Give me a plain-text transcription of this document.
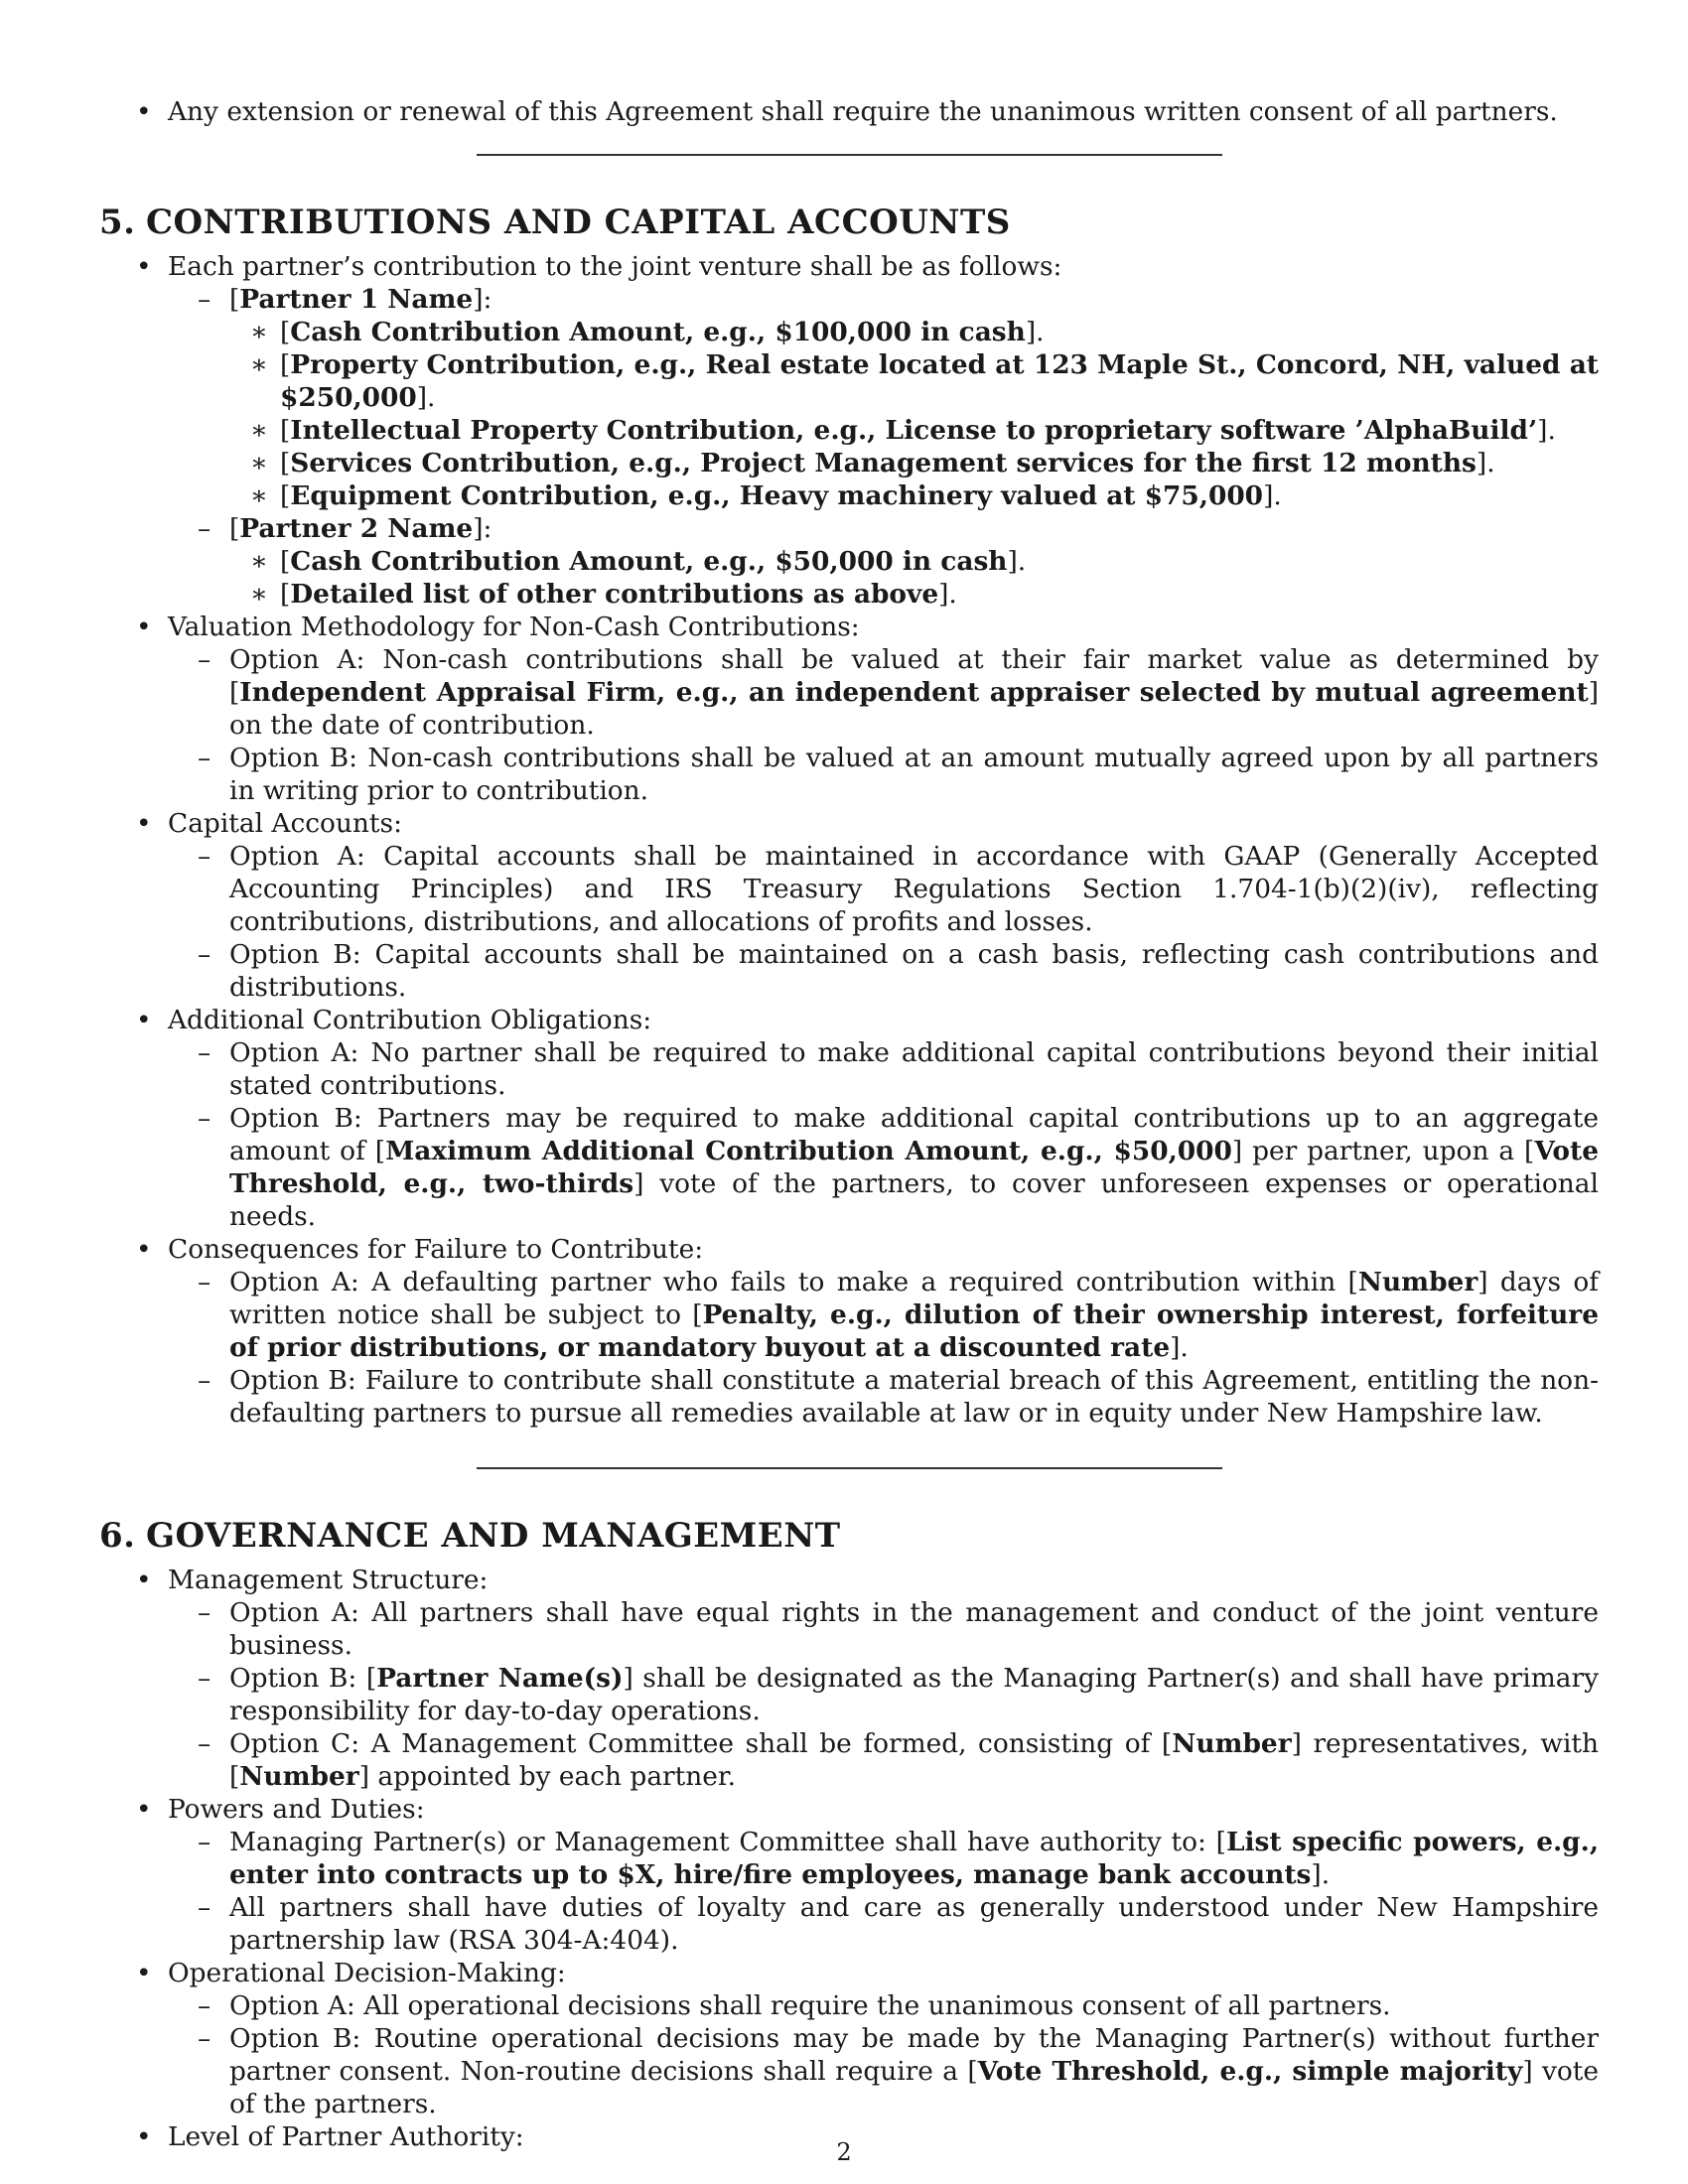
• Any extension or renewal of this Agreement shall require the unanimous written consent of all partners.
5. CONTRIBUTIONS AND CAPITAL ACCOUNTS
• Each partner’s contribution to the joint venture shall be as follows:
– [Partner 1 Name]:
∗ [Cash Contribution Amount, e.g., $100,000 in cash].
∗ [Property Contribution, e.g., Real estate located at 123 Maple St., Concord, NH, valued at $250,000].
∗ [Intellectual Property Contribution, e.g., License to proprietary software ’AlphaBuild’].
∗ [Services Contribution, e.g., Project Management services for the first 12 months].
∗ [Equipment Contribution, e.g., Heavy machinery valued at $75,000].
– [Partner 2 Name]:
∗ [Cash Contribution Amount, e.g., $50,000 in cash].
∗ [Detailed list of other contributions as above].
• Valuation Methodology for Non-Cash Contributions:
– Option A: Non-cash contributions shall be valued at their fair market value as determined by [Independent Appraisal Firm, e.g., an independent appraiser selected by mutual agreement] on the date of contribution.
– Option B: Non-cash contributions shall be valued at an amount mutually agreed upon by all partners in writing prior to contribution.
• Capital Accounts:
– Option A: Capital accounts shall be maintained in accordance with GAAP (Generally Accepted Accounting Principles) and IRS Treasury Regulations Section 1.704-1(b)(2)(iv), reflecting contributions, distributions, and allocations of profits and losses.
– Option B: Capital accounts shall be maintained on a cash basis, reflecting cash contributions and distributions.
• Additional Contribution Obligations:
– Option A: No partner shall be required to make additional capital contributions beyond their initial stated contributions.
– Option B: Partners may be required to make additional capital contributions up to an aggregate amount of [Maximum Additional Contribution Amount, e.g., $50,000] per partner, upon a [Vote Threshold, e.g., two-thirds] vote of the partners, to cover unforeseen expenses or operational needs.
• Consequences for Failure to Contribute:
– Option A: A defaulting partner who fails to make a required contribution within [Number] days of written notice shall be subject to [Penalty, e.g., dilution of their ownership interest, forfeiture of prior distributions, or mandatory buyout at a discounted rate].
– Option B: Failure to contribute shall constitute a material breach of this Agreement, entitling the non-defaulting partners to pursue all remedies available at law or in equity under New Hampshire law.
6. GOVERNANCE AND MANAGEMENT
• Management Structure:
– Option A: All partners shall have equal rights in the management and conduct of the joint venture business.
– Option B: [Partner Name(s)] shall be designated as the Managing Partner(s) and shall have primary responsibility for day-to-day operations.
– Option C: A Management Committee shall be formed, consisting of [Number] representatives, with [Number] appointed by each partner.
• Powers and Duties:
– Managing Partner(s) or Management Committee shall have authority to: [List specific powers, e.g., enter into contracts up to $X, hire/fire employees, manage bank accounts].
– All partners shall have duties of loyalty and care as generally understood under New Hampshire partnership law (RSA 304-A:404).
• Operational Decision-Making:
– Option A: All operational decisions shall require the unanimous consent of all partners.
– Option B: Routine operational decisions may be made by the Managing Partner(s) without further partner consent. Non-routine decisions shall require a [Vote Threshold, e.g., simple majority] vote of the partners.
• Level of Partner Authority:	2
